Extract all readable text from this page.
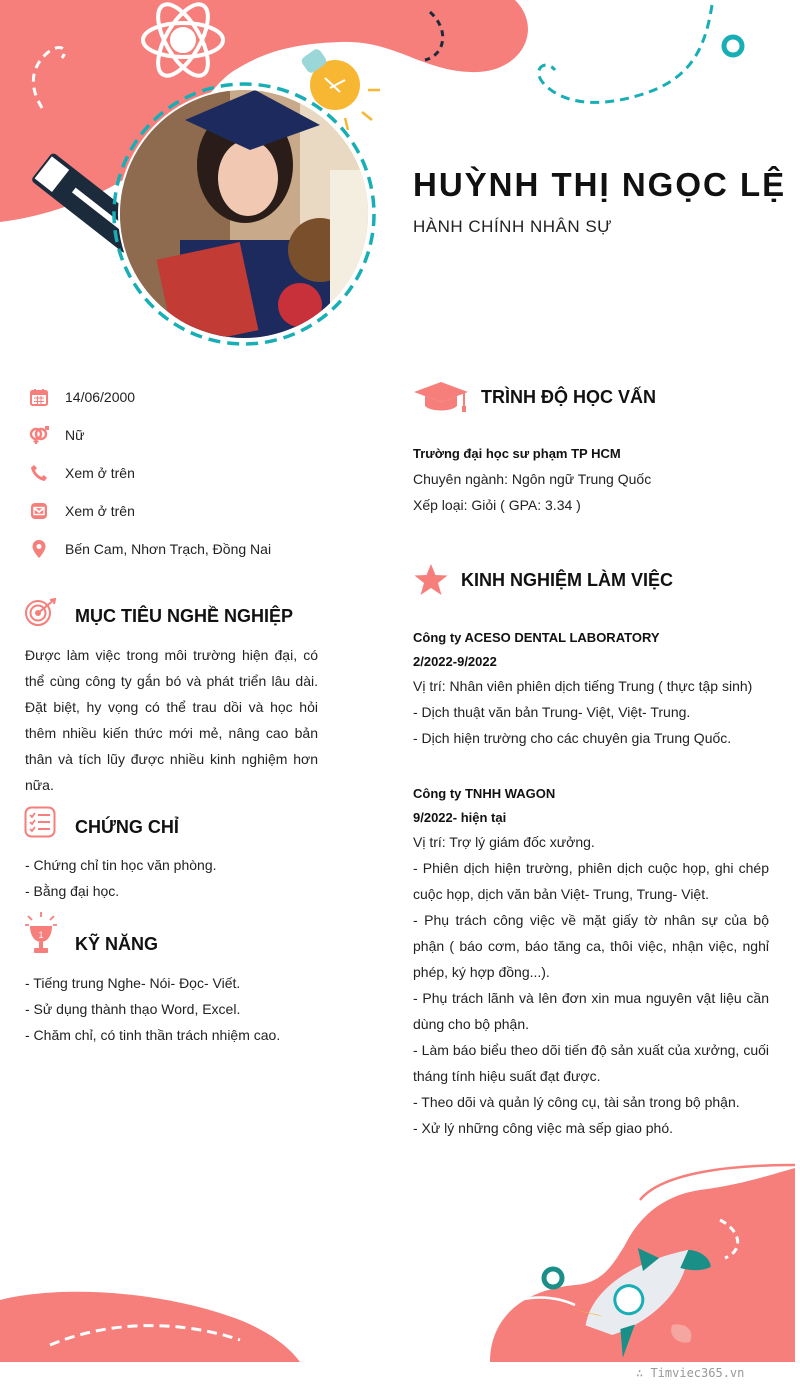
HUỲNH THỊ NGỌC LỆ
HÀNH CHÍNH NHÂN SỰ
14/06/2000
Nữ
Xem ở trên
Xem ở trên
Bến Cam, Nhơn Trạch, Đồng Nai
MỤC TIÊU NGHỀ NGHIỆP
Được làm việc trong môi trường hiện đại, có thể cùng công ty gắn bó và phát triển lâu dài. Đặt biệt, hy vọng có thể trau dồi và học hỏi thêm nhiều kiến thức mới mẻ, nâng cao bản thân và tích lũy được nhiều kinh nghiệm hơn nữa.
CHỨNG CHỈ
- Chứng chỉ tin học văn phòng.
- Bằng đại học.
1 KỸ NĂNG
- Tiếng trung Nghe- Nói- Đọc- Viết.
- Sử dụng thành thạo Word, Excel.
- Chăm chỉ, có tinh thần trách nhiệm cao.
TRÌNH ĐỘ HỌC VẤN
Trường đại học sư phạm TP HCM
Chuyên ngành: Ngôn ngữ Trung Quốc
Xếp loại: Giỏi ( GPA: 3.34 )
KINH NGHIỆM LÀM VIỆC
Công ty ACESO DENTAL LABORATORY
2/2022-9/2022
Vị trí: Nhân viên phiên dịch tiếng Trung ( thực tập sinh)
- Dịch thuật văn bản Trung- Việt, Việt- Trung.
- Dịch hiện trường cho các chuyên gia Trung Quốc.
Công ty TNHH WAGON
9/2022- hiện tại
Vị trí: Trợ lý giám đốc xưởng.
- Phiên dịch hiện trường, phiên dịch cuộc họp, ghi chép cuộc họp, dịch văn bản Việt- Trung, Trung- Việt.
- Phụ trách công việc về mặt giấy tờ nhân sự của bộ phận ( báo cơm, báo tăng ca, thôi việc, nhận việc, nghỉ phép, ký hợp đồng...).
- Phụ trách lãnh và lên đơn xin mua nguyên vật liệu cần dùng cho bộ phận.
- Làm báo biểu theo dõi tiến độ sản xuất của xưởng, cuối tháng tính hiệu suất đạt được.
- Theo dõi và quản lý công cụ, tài sản trong bộ phận.
- Xử lý những công việc mà sếp giao phó.
∴ Timviec365.vn
